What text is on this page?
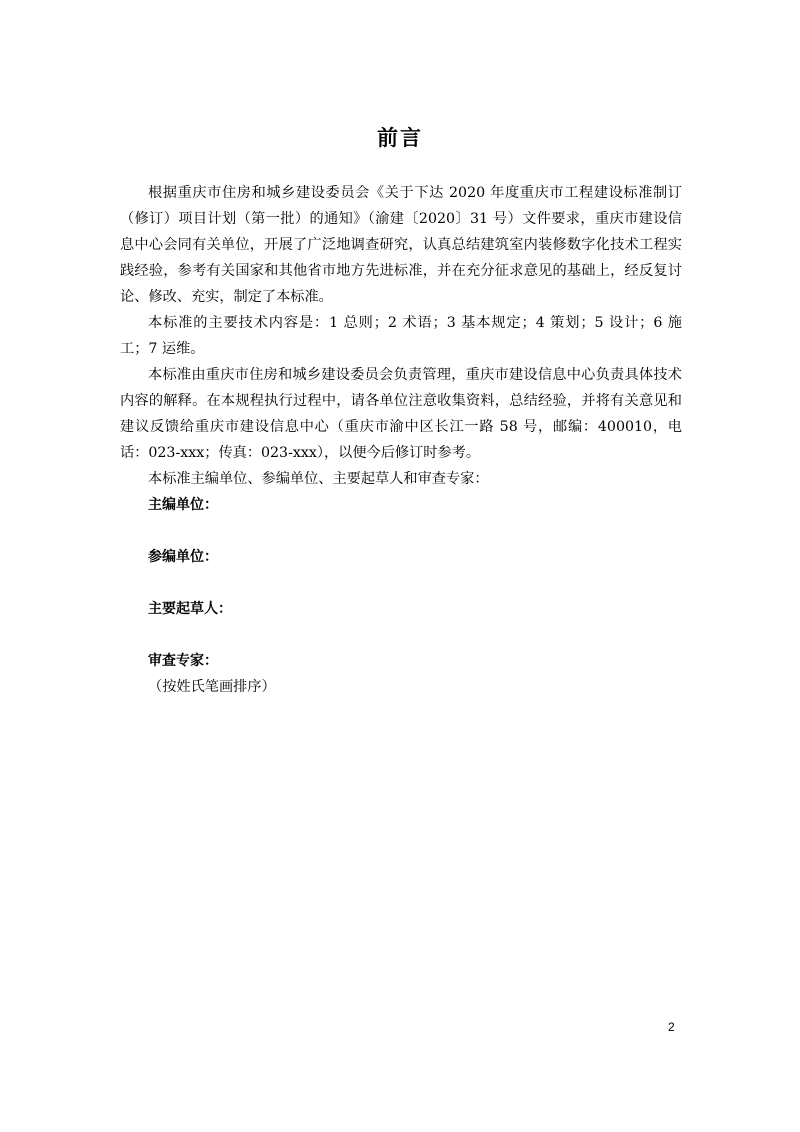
前言

根据重庆市住房和城乡建设委员会《关于下达 2020 年度重庆市工程建设标准制订（修订）项目计划（第一批）的通知》（渝建〔2020〕31 号）文件要求，重庆市建设信息中心会同有关单位，开展了广泛地调查研究，认真总结建筑室内装修数字化技术工程实践经验，参考有关国家和其他省市地方先进标准，并在充分征求意见的基础上，经反复讨论、修改、充实，制定了本标准。

本标准的主要技术内容是：1 总则；2 术语；3 基本规定；4 策划；5 设计；6 施工；7 运维。

本标准由重庆市住房和城乡建设委员会负责管理，重庆市建设信息中心负责具体技术内容的解释。在本规程执行过程中，请各单位注意收集资料，总结经验，并将有关意见和建议反馈给重庆市建设信息中心（重庆市渝中区长江一路 58 号，邮编：400010，电话：023-xxx；传真：023-xxx），以便今后修订时参考。

本标准主编单位、参编单位、主要起草人和审查专家：

主编单位：

参编单位：

主要起草人：

审查专家：

（按姓氏笔画排序）

2
